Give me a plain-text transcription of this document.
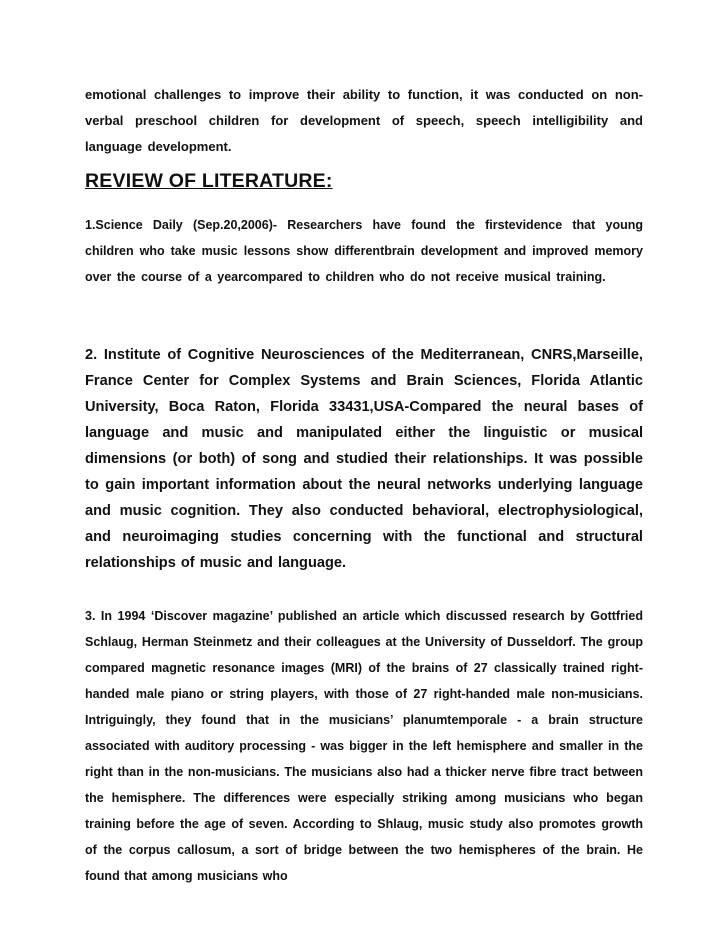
emotional challenges to improve their ability to function, it was conducted on non-verbal preschool children for development of speech, speech intelligibility and language development.

REVIEW OF LITERATURE:

1.Science Daily (Sep.20,2006)- Researchers have found the firstevidence that young children who take music lessons show differentbrain development and improved memory over the course of a yearcompared to children who do not receive musical training.

2. Institute of Cognitive Neurosciences of the Mediterranean, CNRS,Marseille, France Center for Complex Systems and Brain Sciences, Florida Atlantic University, Boca Raton, Florida 33431,USA-Compared the neural bases of language and music and manipulated either the linguistic or musical dimensions (or both) of song and studied their relationships. It was possible to gain important information about the neural networks underlying language and music cognition. They also conducted behavioral, electrophysiological, and neuroimaging studies concerning with the functional and structural relationships of music and language.

3. In 1994 ‘Discover magazine’ published an article which discussed research by Gottfried Schlaug, Herman Steinmetz and their colleagues at the University of Dusseldorf. The group compared magnetic resonance images (MRI) of the brains of 27 classically trained right-handed male piano or string players, with those of 27 right-handed male non-musicians. Intriguingly, they found that in the musicians’ planumtemporale - a brain structure associated with auditory processing - was bigger in the left hemisphere and smaller in the right than in the non-musicians. The musicians also had a thicker nerve fibre tract between the hemisphere. The differences were especially striking among musicians who began training before the age of seven. According to Shlaug, music study also promotes growth of the corpus callosum, a sort of bridge between the two hemispheres of the brain. He found that among musicians who
